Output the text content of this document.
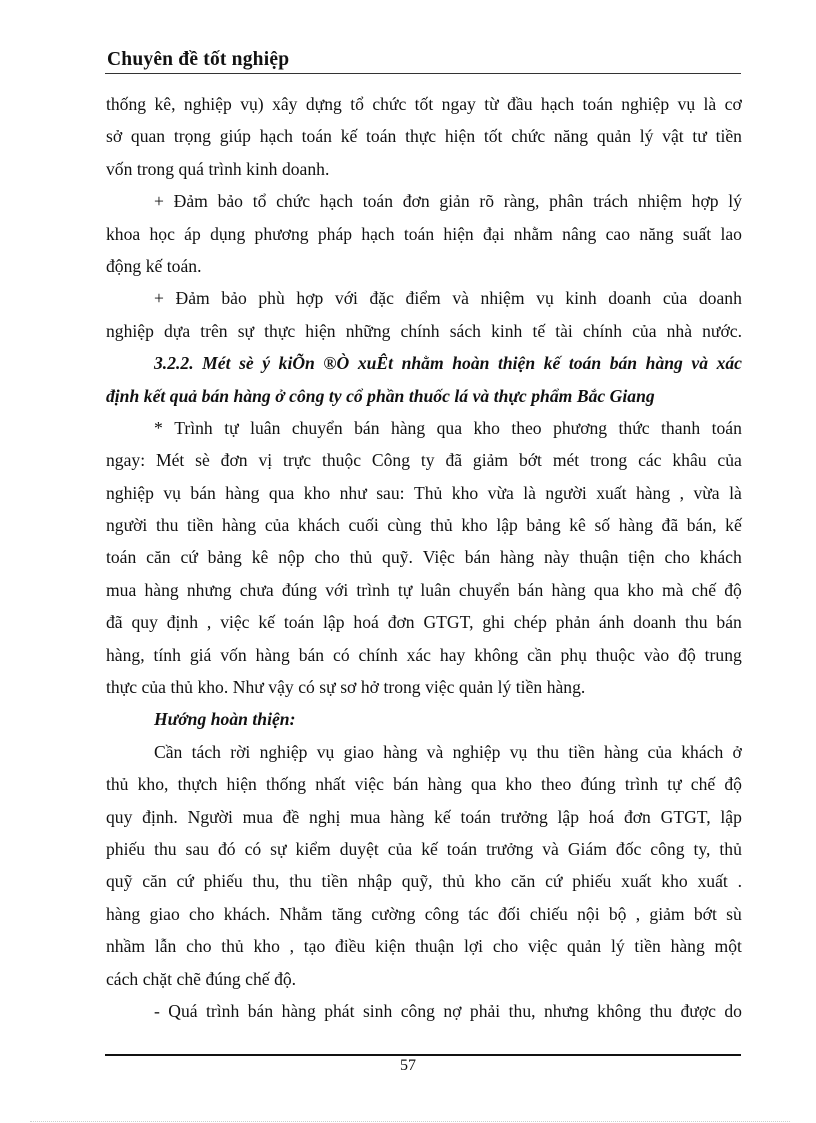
Chuyên đề tốt nghiệp
thống kê, nghiệp vụ) xây dựng tổ chức tốt ngay từ đầu hạch toán nghiệp vụ là cơ
sở quan trọng giúp hạch toán kế toán thực hiện tốt chức năng quản lý vật tư tiền
vốn trong quá trình kinh doanh.
+ Đảm bảo tổ chức hạch toán đơn giản rõ ràng, phân trách nhiệm hợp lý
khoa học áp dụng phương pháp hạch toán hiện đại nhằm nâng cao năng suất lao
động kế toán.
+ Đảm bảo phù hợp với đặc điểm và nhiệm vụ kinh doanh của doanh
nghiệp dựa trên sự thực hiện những chính sách kinh tế tài chính của nhà nước.
3.2.2. Mét sè ý kiÕn ®Ò xuÊt nhằm hoàn thiện kế toán bán hàng và xác
định kết quả bán hàng ở công ty cổ phần thuốc lá và thực phẩm Bắc Giang
* Trình tự luân chuyển bán hàng qua kho theo phương thức thanh toán
ngay: Mét sè đơn vị trực thuộc Công ty đã giảm bớt mét trong các khâu của
nghiệp vụ bán hàng qua kho như sau: Thủ kho vừa là người xuất hàng , vừa là
người thu tiền hàng của khách cuối cùng thủ kho lập bảng kê số hàng đã bán, kế
toán căn cứ bảng kê nộp cho thủ quỹ. Việc bán hàng này thuận tiện cho khách
mua hàng nhưng chưa đúng với trình tự luân chuyển bán hàng qua kho mà chế độ
đã quy định , việc kế toán lập hoá đơn GTGT, ghi chép phản ánh doanh thu bán
hàng, tính giá vốn hàng bán có chính xác hay không cần phụ thuộc vào độ trung
thực của thủ kho. Như vậy có sự sơ hở trong việc quản lý tiền hàng.
Hướng hoàn thiện:
Cần tách rời nghiệp vụ giao hàng và nghiệp vụ thu tiền hàng của khách ở
thủ kho, thựch hiện thống nhất việc bán hàng qua kho theo đúng trình tự chế độ
quy định. Người mua đề nghị mua hàng kế toán trưởng lập hoá đơn GTGT, lập
phiếu thu sau đó có sự kiểm duyệt của kế toán trưởng và Giám đốc công ty, thủ
quỹ căn cứ phiếu thu, thu tiền nhập quỹ, thủ kho căn cứ phiếu xuất kho xuất .
hàng giao cho khách. Nhằm tăng cường công tác đối chiếu nội bộ , giảm bớt sù
nhầm lẫn cho thủ kho , tạo điều kiện thuận lợi cho việc quản lý tiền hàng một
cách chặt chẽ đúng chế độ.
- Quá trình bán hàng phát sinh công nợ phải thu, nhưng không thu được do
57
